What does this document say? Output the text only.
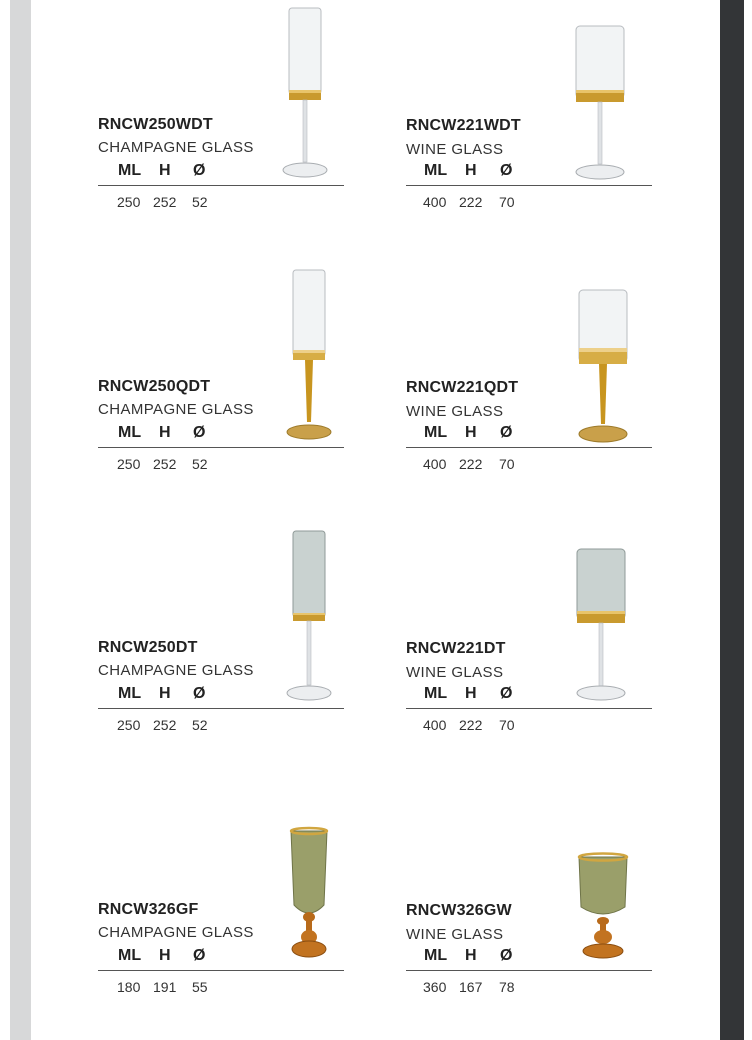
RNCW250WDT
CHAMPAGNE GLASS
ML H Ø
250 252 52
RNCW221WDT
WINE GLASS
ML H Ø
400 222 70
RNCW250QDT
CHAMPAGNE GLASS
ML H Ø
250 252 52
RNCW221QDT
WINE GLASS
ML H Ø
400 222 70
RNCW250DT
CHAMPAGNE GLASS
ML H Ø
250 252 52
RNCW221DT
WINE GLASS
ML H Ø
400 222 70
RNCW326GF
CHAMPAGNE GLASS
ML H Ø
180 191 55
RNCW326GW
WINE GLASS
ML H Ø
360 167 78
